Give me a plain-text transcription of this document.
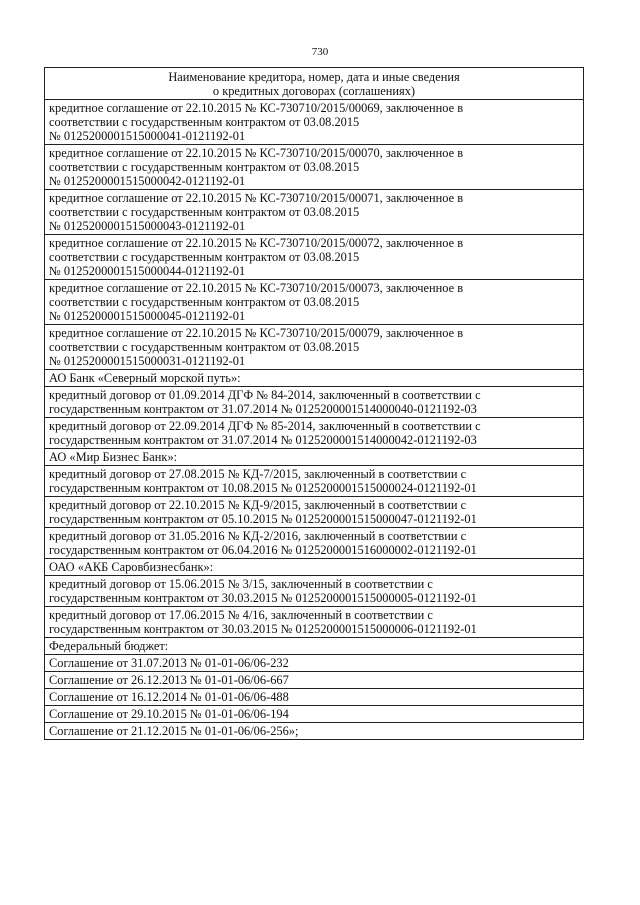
730
Наименование кредитора, номер, дата и иные сведения
о кредитных договорах (соглашениях)

кредитное соглашение от 22.10.2015 № КС-730710/2015/00069, заключенное в
соответствии с государственным контрактом от 03.08.2015
№ 0125200001515000041-0121192-01

кредитное соглашение от 22.10.2015 № КС-730710/2015/00070, заключенное в
соответствии с государственным контрактом от 03.08.2015
№ 0125200001515000042-0121192-01

кредитное соглашение от 22.10.2015 № КС-730710/2015/00071, заключенное в
соответствии с государственным контрактом от 03.08.2015
№ 0125200001515000043-0121192-01

кредитное соглашение от 22.10.2015 № КС-730710/2015/00072, заключенное в
соответствии с государственным контрактом от 03.08.2015
№ 0125200001515000044-0121192-01

кредитное соглашение от 22.10.2015 № КС-730710/2015/00073, заключенное в
соответствии с государственным контрактом от 03.08.2015
№ 0125200001515000045-0121192-01

кредитное соглашение от 22.10.2015 № КС-730710/2015/00079, заключенное в
соответствии с государственным контрактом от 03.08.2015
№ 0125200001515000031-0121192-01

АО Банк «Северный морской путь»:

кредитный договор от 01.09.2014 ДГФ № 84-2014, заключенный в соответствии с
государственным контрактом от 31.07.2014 № 0125200001514000040-0121192-03

кредитный договор от 22.09.2014 ДГФ № 85-2014, заключенный в соответствии с
государственным контрактом от 31.07.2014 № 0125200001514000042-0121192-03

АО «Мир Бизнес Банк»:

кредитный договор от 27.08.2015 № КД-7/2015, заключенный в соответствии с
государственным контрактом от 10.08.2015 № 0125200001515000024-0121192-01

кредитный договор от 22.10.2015 № КД-9/2015, заключенный в соответствии с
государственным контрактом от 05.10.2015 № 0125200001515000047-0121192-01

кредитный договор от 31.05.2016 № КД-2/2016, заключенный в соответствии с
государственным контрактом от 06.04.2016 № 0125200001516000002-0121192-01

ОАО «АКБ Саровбизнесбанк»:

кредитный договор от 15.06.2015 № 3/15, заключенный в соответствии с
государственным контрактом от 30.03.2015 № 0125200001515000005-0121192-01

кредитный договор от 17.06.2015 № 4/16, заключенный в соответствии с
государственным контрактом от 30.03.2015 № 0125200001515000006-0121192-01

Федеральный бюджет:

Соглашение от 31.07.2013 № 01-01-06/06-232

Соглашение от 26.12.2013 № 01-01-06/06-667

Соглашение от 16.12.2014 № 01-01-06/06-488

Соглашение от 29.10.2015 № 01-01-06/06-194

Соглашение от 21.12.2015 № 01-01-06/06-256»;
